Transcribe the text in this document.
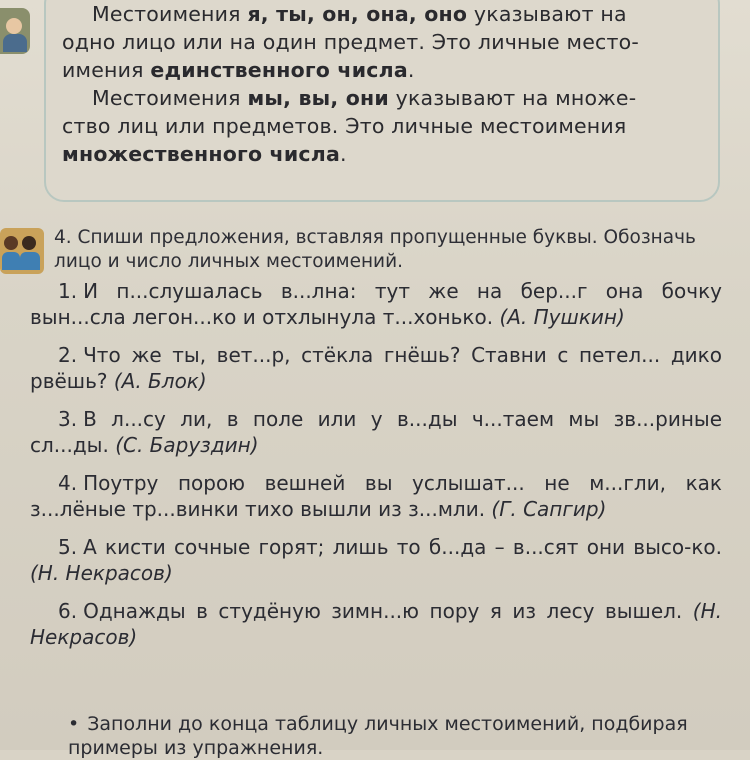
Местоимения я, ты, он, она, оно указывают на

одно лицо или на один предмет. Это личные место-

имения единственного числа.

Местоимения мы, вы, они указывают на множе-

ство лиц или предметов. Это личные местоимения

множественного числа.

4. Спиши предложения, вставляя пропущенные буквы. Обозначь
лицо и число личных местоимений.

1. И п...слушалась в...лна: тут же на бер...г она бочку вын...сла легон...ко и отхлынула т...хонько. (А. Пушкин)

2. Что же ты, вет...р, стёкла гнёшь? Ставни с петел... дико рвёшь? (А. Блок)

3. В л...су ли, в поле или у в...ды ч...таем мы зв...риные сл...ды. (С. Баруздин)

4. Поутру порою вешней вы услышат... не м...гли, как з...лёные тр...винки тихо вышли из з...мли. (Г. Сапгир)

5. А кисти сочные горят; лишь то б...да – в...сят они высо-ко. (Н. Некрасов)

6. Однажды в студёную зимн...ю пору я из лесу вышел. (Н. Некрасов)

• Заполни до конца таблицу личных местоимений, подбирая
примеры из упражнения.
